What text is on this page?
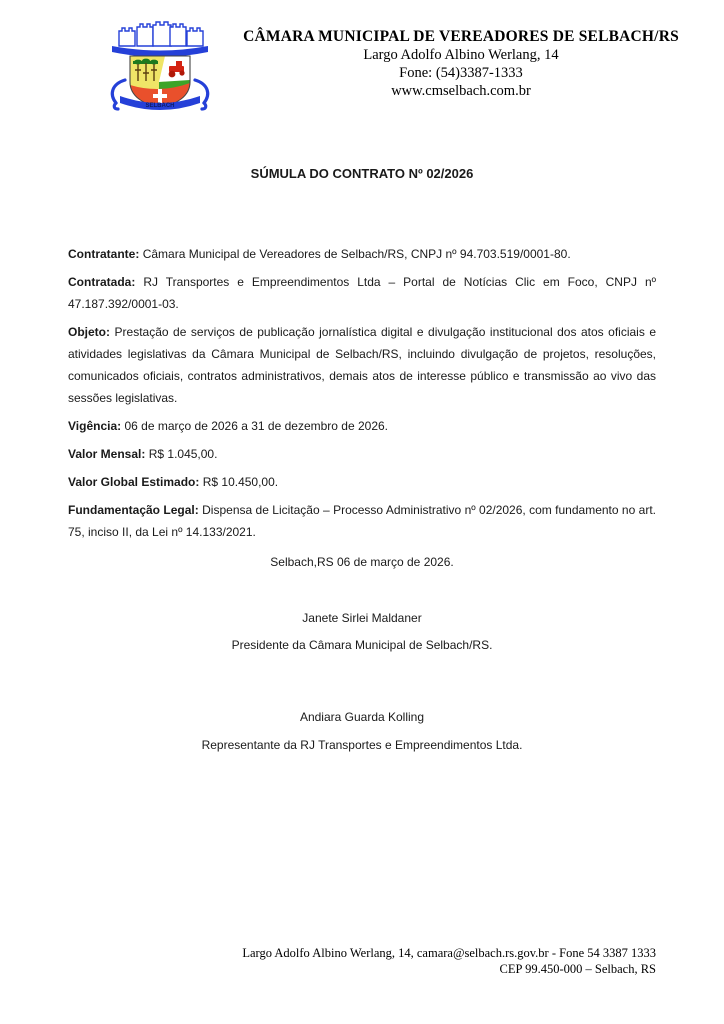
SELBACH
CÂMARA MUNICIPAL DE VEREADORES DE SELBACH/RS
Largo Adolfo Albino Werlang, 14
Fone: (54)3387-1333
www.cmselbach.com.br
SÚMULA DO CONTRATO Nº 02/2026

Contratante: Câmara Municipal de Vereadores de Selbach/RS, CNPJ nº 94.703.519/0001-80.

Contratada: RJ Transportes e Empreendimentos Ltda – Portal de Notícias Clic em Foco, CNPJ nº 47.187.392/0001-03.

Objeto: Prestação de serviços de publicação jornalística digital e divulgação institucional dos atos oficiais e atividades legislativas da Câmara Municipal de Selbach/RS, incluindo divulgação de projetos, resoluções, comunicados oficiais, contratos administrativos, demais atos de interesse público e transmissão ao vivo das sessões legislativas.

Vigência: 06 de março de 2026 a 31 de dezembro de 2026.

Valor Mensal: R$ 1.045,00.

Valor Global Estimado: R$ 10.450,00.

Fundamentação Legal: Dispensa de Licitação – Processo Administrativo nº 02/2026, com fundamento no art. 75, inciso II, da Lei nº 14.133/2021.

Selbach,RS 06 de março de 2026.
Janete Sirlei Maldaner
Presidente da Câmara Municipal de Selbach/RS.
Andiara Guarda Kolling
Representante da RJ Transportes e Empreendimentos Ltda.
Largo Adolfo Albino Werlang, 14, camara@selbach.rs.gov.br - Fone 54 3387 1333
CEP 99.450-000 – Selbach, RS
